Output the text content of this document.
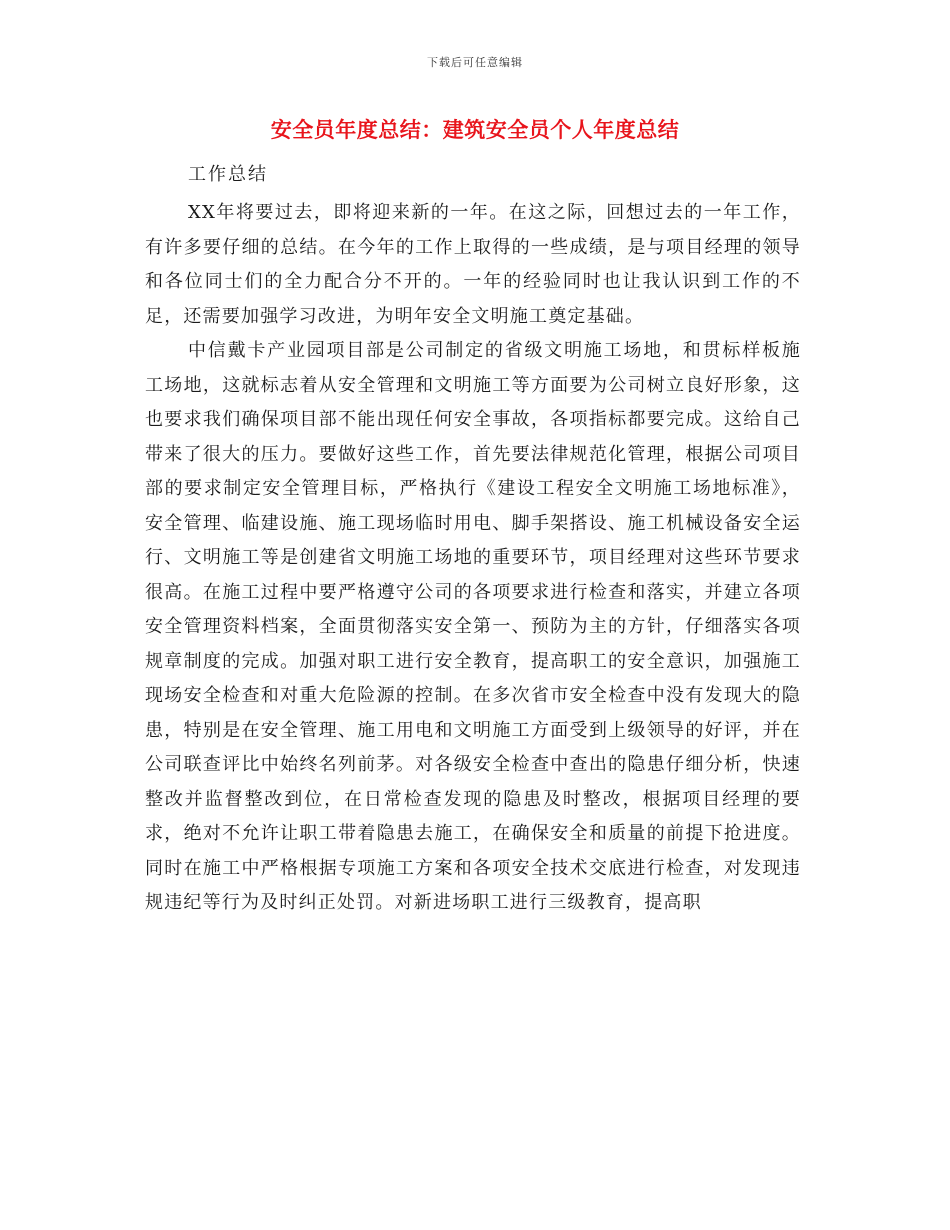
下载后可任意编辑
安全员年度总结：建筑安全员个人年度总结
工作总结

XX年将要过去，即将迎来新的一年。在这之际，回想过去的一年工作，有许多要仔细的总结。在今年的工作上取得的一些成绩，是与项目经理的领导和各位同士们的全力配合分不开的。一年的经验同时也让我认识到工作的不足，还需要加强学习改进，为明年安全文明施工奠定基础。

中信戴卡产业园项目部是公司制定的省级文明施工场地，和贯标样板施工场地，这就标志着从安全管理和文明施工等方面要为公司树立良好形象，这也要求我们确保项目部不能出现任何安全事故，各项指标都要完成。这给自己带来了很大的压力。要做好这些工作，首先要法律规范化管理，根据公司项目部的要求制定安全管理目标，严格执行《建设工程安全文明施工场地标准》，安全管理、临建设施、施工现场临时用电、脚手架搭设、施工机械设备安全运行、文明施工等是创建省文明施工场地的重要环节，项目经理对这些环节要求很高。在施工过程中要严格遵守公司的各项要求进行检查和落实，并建立各项安全管理资料档案，全面贯彻落实安全第一、预防为主的方针，仔细落实各项规章制度的完成。加强对职工进行安全教育，提高职工的安全意识，加强施工现场安全检查和对重大危险源的控制。在多次省市安全检查中没有发现大的隐患，特别是在安全管理、施工用电和文明施工方面受到上级领导的好评，并在公司联查评比中始终名列前茅。对各级安全检查中查出的隐患仔细分析，快速整改并监督整改到位，在日常检查发现的隐患及时整改，根据项目经理的要求，绝对不允许让职工带着隐患去施工，在确保安全和质量的前提下抢进度。同时在施工中严格根据专项施工方案和各项安全技术交底进行检查，对发现违规违纪等行为及时纠正处罚。对新进场职工进行三级教育，提高职
